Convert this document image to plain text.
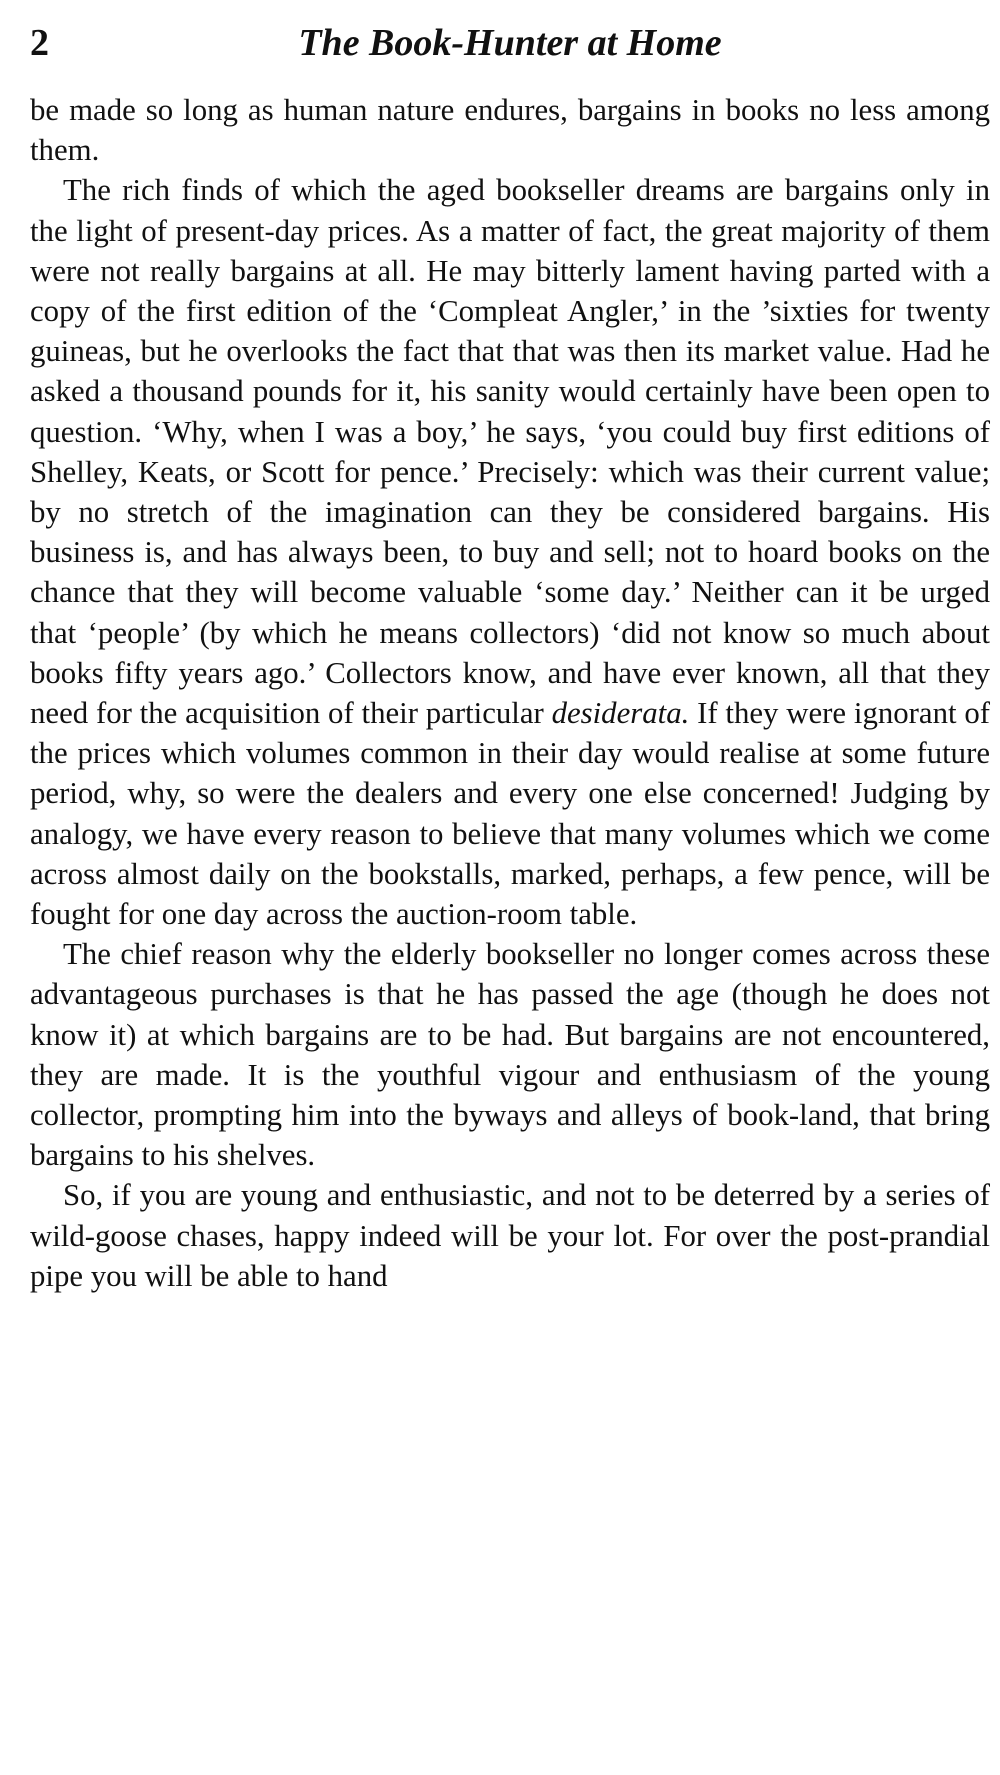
2	The Book-Hunter at Home

be made so long as human nature endures, bargains in books no less among them.

The rich finds of which the aged bookseller dreams are bargains only in the light of present-day prices. As a matter of fact, the great majority of them were not really bargains at all. He may bitterly lament having parted with a copy of the first edition of the ‘Compleat Angler,’ in the ’sixties for twenty guineas, but he overlooks the fact that that was then its market value. Had he asked a thousand pounds for it, his sanity would certainly have been open to question. ‘Why, when I was a boy,’ he says, ‘you could buy first editions of Shelley, Keats, or Scott for pence.’ Precisely: which was their current value; by no stretch of the imagination can they be considered bargains. His business is, and has always been, to buy and sell; not to hoard books on the chance that they will become valuable ‘some day.’ Neither can it be urged that ‘people’ (by which he means collectors) ‘did not know so much about books fifty years ago.’ Collectors know, and have ever known, all that they need for the acquisition of their particular desiderata. If they were ignorant of the prices which volumes common in their day would realise at some future period, why, so were the dealers and every one else concerned! Judging by analogy, we have every reason to believe that many volumes which we come across almost daily on the bookstalls, marked, perhaps, a few pence, will be fought for one day across the auction-room table.

The chief reason why the elderly bookseller no longer comes across these advantageous purchases is that he has passed the age (though he does not know it) at which bargains are to be had. But bargains are not encountered, they are made. It is the youthful vigour and enthusiasm of the young collector, prompting him into the byways and alleys of book-land, that bring bargains to his shelves.

So, if you are young and enthusiastic, and not to be deterred by a series of wild-goose chases, happy indeed will be your lot. For over the post-prandial pipe you will be able to hand
